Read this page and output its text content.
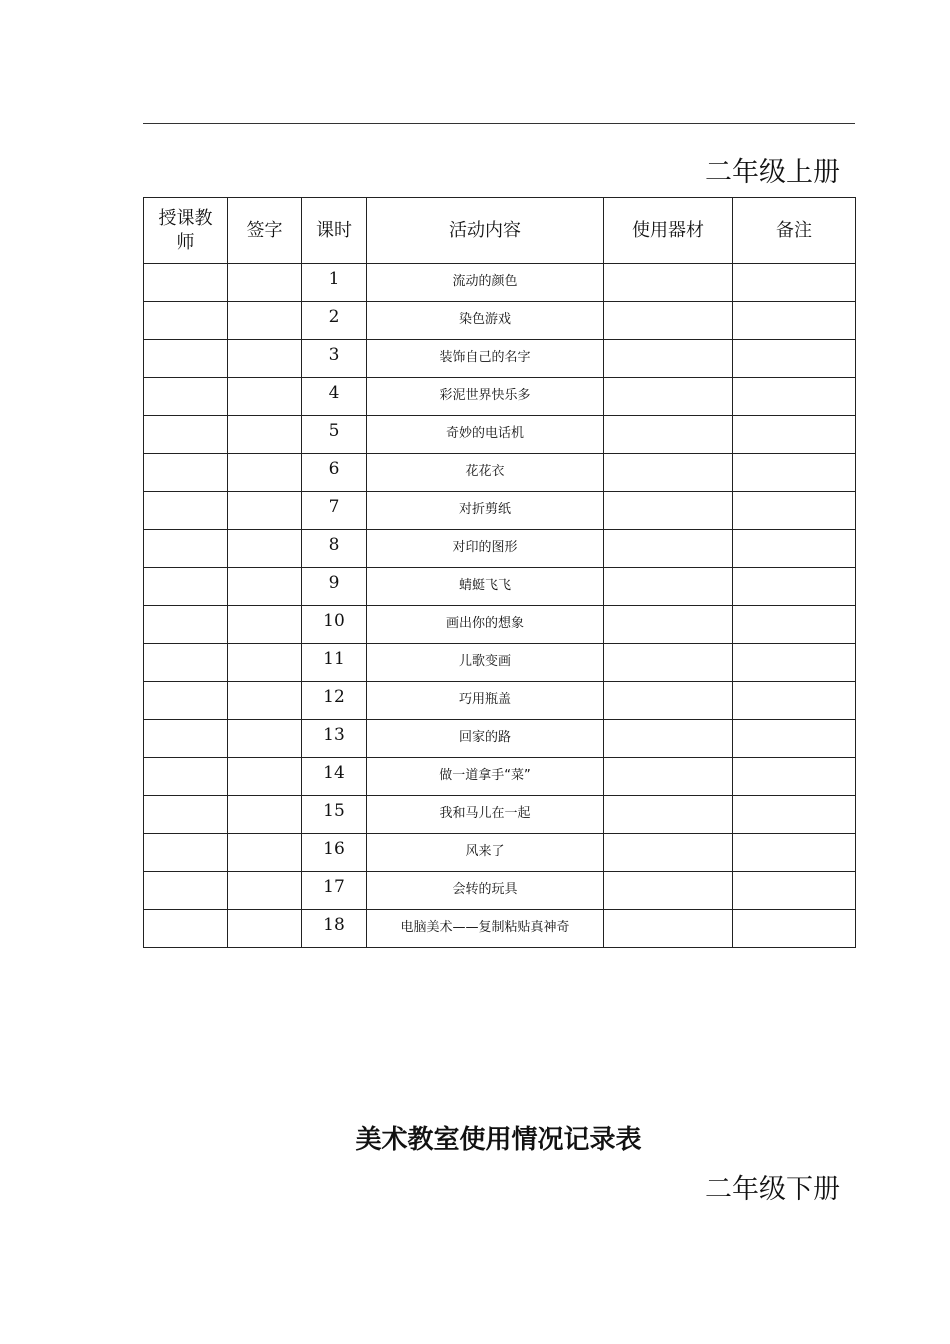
二年级上册
授课教师	签字	课时	活动内容	使用器材	备注
		1	流动的颜色		
		2	染色游戏		
		3	装饰自己的名字		
		4	彩泥世界快乐多		
		5	奇妙的电话机		
		6	花花衣		
		7	对折剪纸		
		8	对印的图形		
		9	蜻蜓飞飞		
		10	画出你的想象		
		11	儿歌变画		
		12	巧用瓶盖		
		13	回家的路		
		14	做一道拿手“菜”		
		15	我和马儿在一起		
		16	风来了		
		17	会转的玩具		
		18	电脑美术——复制粘贴真神奇		
美术教室使用情况记录表
二年级下册
